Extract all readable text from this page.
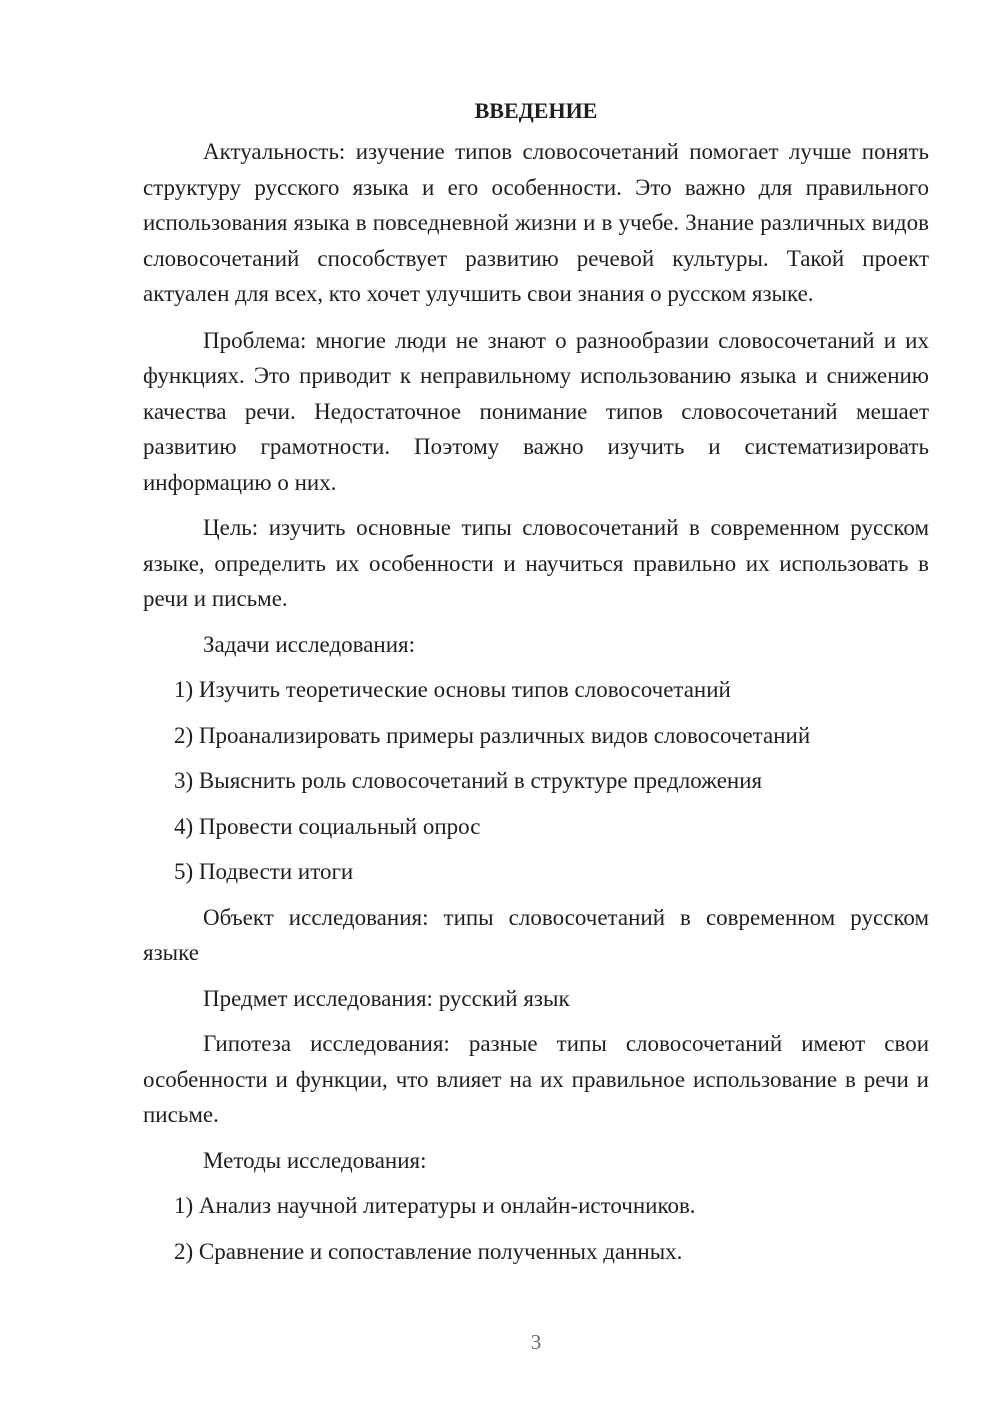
ВВЕДЕНИЕ

Актуальность: изучение типов словосочетаний помогает лучше понять структуру русского языка и его особенности. Это важно для правильного использования языка в повседневной жизни и в учебе. Знание различных видов словосочетаний способствует развитию речевой культуры. Такой проект актуален для всех, кто хочет улучшить свои знания о русском языке.

Проблема: многие люди не знают о разнообразии словосочетаний и их функциях. Это приводит к неправильному использованию языка и снижению качества речи. Недостаточное понимание типов словосочетаний мешает развитию грамотности. Поэтому важно изучить и систематизировать информацию о них.

Цель: изучить основные типы словосочетаний в современном русском языке, определить их особенности и научиться правильно их использовать в речи и письме.

Задачи исследования:

1) Изучить теоретические основы типов словосочетаний

2) Проанализировать примеры различных видов словосочетаний

3) Выяснить роль словосочетаний в структуре предложения

4) Провести социальный опрос

5) Подвести итоги

Объект исследования: типы словосочетаний в современном русском языке

Предмет исследования: русский язык

Гипотеза исследования: разные типы словосочетаний имеют свои особенности и функции, что влияет на их правильное использование в речи и письме.

Методы исследования:

1) Анализ научной литературы и онлайн-источников.

2) Сравнение и сопоставление полученных данных.

3
